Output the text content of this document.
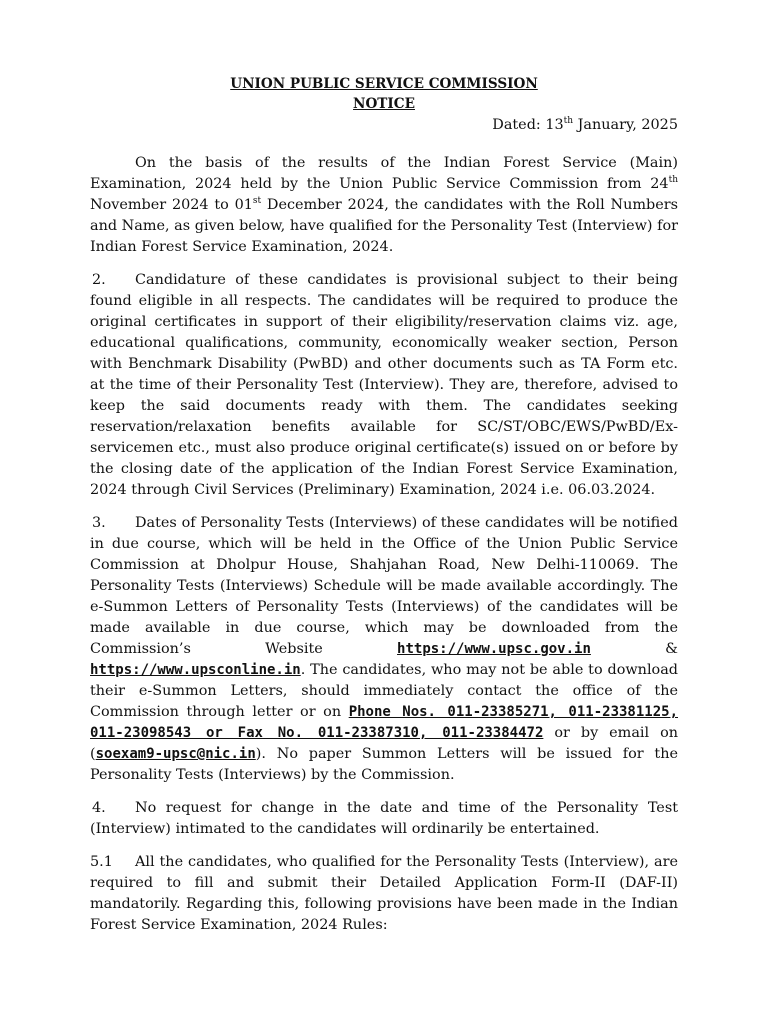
UNION PUBLIC SERVICE COMMISSION
NOTICE
Dated: 13th January, 2025

On the basis of the results of the Indian Forest Service (Main) Examination, 2024 held by the Union Public Service Commission from 24th November 2024 to 01st December 2024, the candidates with the Roll Numbers and Name, as given below, have qualified for the Personality Test (Interview) for Indian Forest Service Examination, 2024.

2. Candidature of these candidates is provisional subject to their being found eligible in all respects. The candidates will be required to produce the original certificates in support of their eligibility/reservation claims viz. age, educational qualifications, community, economically weaker section, Person with Benchmark Disability (PwBD) and other documents such as TA Form etc. at the time of their Personality Test (Interview). They are, therefore, advised to keep the said documents ready with them. The candidates seeking reservation/relaxation benefits available for SC/ST/OBC/EWS/PwBD/Ex-servicemen etc., must also produce original certificate(s) issued on or before by the closing date of the application of the Indian Forest Service Examination, 2024 through Civil Services (Preliminary) Examination, 2024 i.e. 06.03.2024.

3. Dates of Personality Tests (Interviews) of these candidates will be notified in due course, which will be held in the Office of the Union Public Service Commission at Dholpur House, Shahjahan Road, New Delhi-110069. The Personality Tests (Interviews) Schedule will be made available accordingly. The e-Summon Letters of Personality Tests (Interviews) of the candidates will be made available in due course, which may be downloaded from the Commission’s Website https://www.upsc.gov.in & https://www.upsconline.in. The candidates, who may not be able to download their e-Summon Letters, should immediately contact the office of the Commission through letter or on Phone Nos. 011-23385271, 011-23381125, 011-23098543 or Fax No. 011-23387310, 011-23384472 or by email on (soexam9-upsc@nic.in). No paper Summon Letters will be issued for the Personality Tests (Interviews) by the Commission.

4. No request for change in the date and time of the Personality Test (Interview) intimated to the candidates will ordinarily be entertained.

5.1 All the candidates, who qualified for the Personality Tests (Interview), are required to fill and submit their Detailed Application Form-II (DAF-II) mandatorily. Regarding this, following provisions have been made in the Indian Forest Service Examination, 2024 Rules:
